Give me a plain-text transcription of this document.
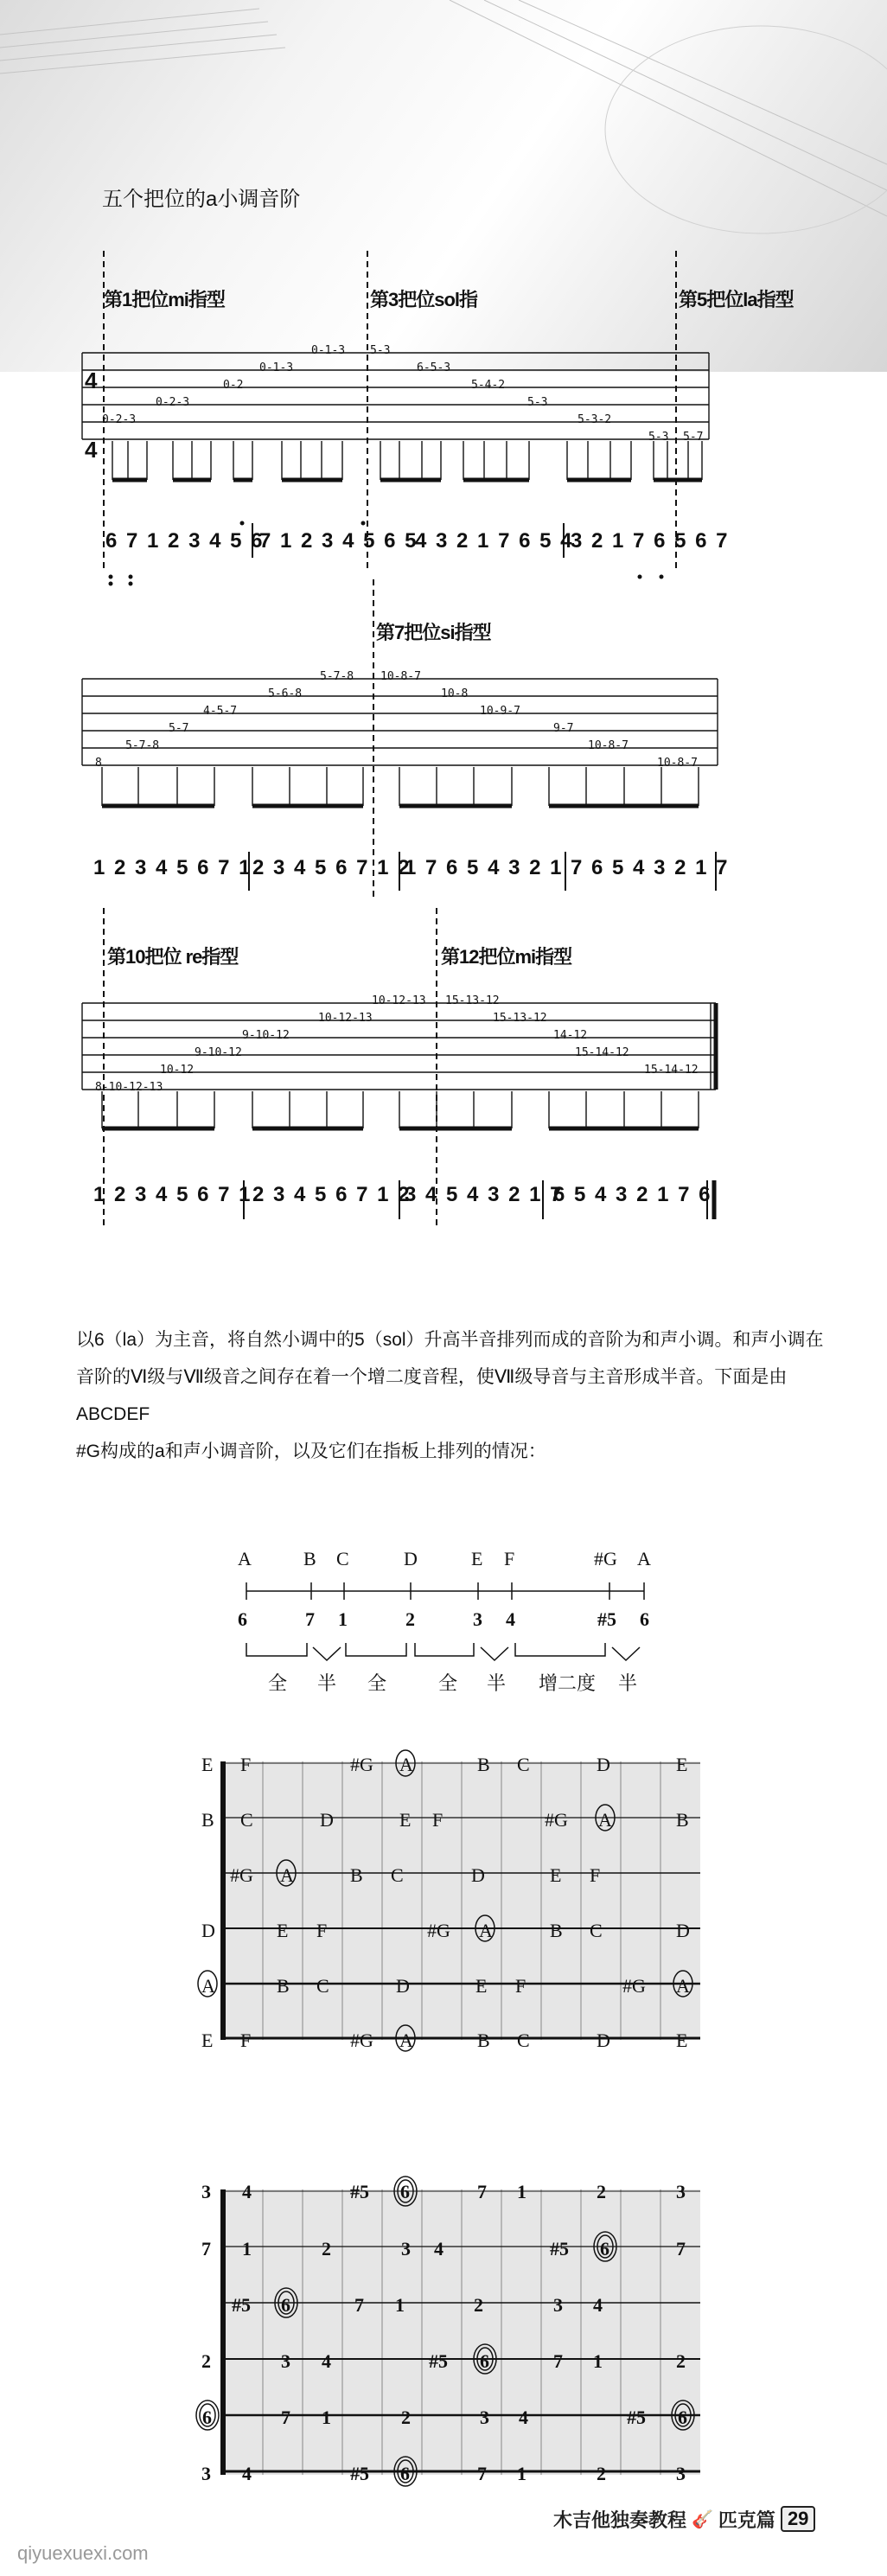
五个把位的a小调音阶
第1把位mi指型	第3把位sol指	第5把位la指型
4
4
0-1-3 5-3
0-1-3	6-5-3
0-2	5-4-2
0-2-3	5-3
0-2-3	5-3-2
5-3 5-7
6 7 1 2 3 4 5 6
7 1 2 3 4 5 6 5
4 3 2 1 7 6 5 4
3 2 1 7 6 5 6 7
第7把位si指型
5-7-8 10-8-7
5-6-8	10-8
4-5-7	10-9-7
5-7	9-7
5-7-8	10-8-7
8	10-8-7
1 2 3 4 5 6 7 1 2 3 4 5 6 7 1 2
1 7 6 5 4 3 2 1 7 6 5 4 3 2 1 7
第10把位 re指型	第12把位mi指型
10-12-13 15-13-12
10-12-13	15-13-12
9-10-12	14-12
9-10-12	15-14-12
10-12	15-14-12
8-10-12-13
1 2 3 4 5 6 7 1 2 3 4 5 6 7 1 2
3 4 5 4 3 2 1 7
6 5 4 3 2 1 7 6
以6（la）为主音，将自然小调中的5（sol）升高半音排列而成的音阶为和声小调。和声小调在
音阶的Ⅵ级与Ⅶ级音之间存在着一个增二度音程，使Ⅶ级导音与主音形成半音。下面是由ABCDEF
#G构成的a和声小调音阶，以及它们在指板上排列的情况：
A	B C	D	E F	#G A
6	7 1	2	3 4	#5 6
全 半 全	全 半 增二度 半
E F	#G A	B C	D	E
B C	D	E F	#G A	B
#G A	B C	D	E F
D	E F	#G A	B C	D
A	B C	D	E F	#G A
E F	#G A	B C	D	E
3 4	#5 6	7 1	2	3
7 1	2	3 4	#5 6	7
#5 6	7 1	2	3 4
2	3 4	#5 6	7 1	2
6	7 1	2	3 4	#5 6
3 4	#5 6	7 1	2	3
木吉他独奏教程 🎸 匹克篇 29
qiyuexuexi.com
